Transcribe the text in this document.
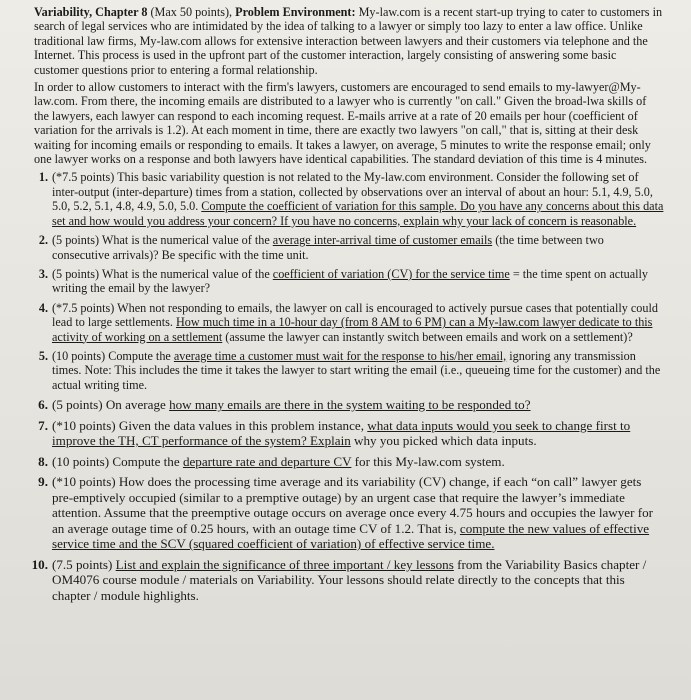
Variability, Chapter 8 (Max 50 points), Problem Environment: My-law.com is a recent start-up trying to cater to customers in search of legal services who are intimidated by the idea of talking to a lawyer or simply too lazy to enter a law office. Unlike traditional law firms, My-law.com allows for extensive interaction between lawyers and their customers via telephone and the Internet. This process is used in the upfront part of the customer interaction, largely consisting of answering some basic customer questions prior to entering a formal relationship.

In order to allow customers to interact with the firm's lawyers, customers are encouraged to send emails to my-lawyer@My-law.com. From there, the incoming emails are distributed to a lawyer who is currently "on call." Given the broad-lwa skills of the lawyers, each lawyer can respond to each incoming request. E-mails arrive at a rate of 20 emails per hour (coefficient of variation for the arrivals is 1.2). At each moment in time, there are exactly two lawyers "on call," that is, sitting at their desk waiting for incoming emails or responding to emails. It takes a lawyer, on average, 5 minutes to write the response email; only one lawyer works on a response and both lawyers have identical capabilities. The standard deviation of this time is 4 minutes.

1. (*7.5 points) This basic variability question is not related to the My-law.com environment. Consider the following set of inter-output (inter-departure) times from a station, collected by observations over an interval of about an hour: 5.1, 4.9, 5.0, 5.0, 5.2, 5.1, 4.8, 4.9, 5.0, 5.0. Compute the coefficient of variation for this sample. Do you have any concerns about this data set and how would you address your concern? If you have no concerns, explain why your lack of concern is reasonable.
2. (5 points) What is the numerical value of the average inter-arrival time of customer emails (the time between two consecutive arrivals)? Be specific with the time unit.
3. (5 points) What is the numerical value of the coefficient of variation (CV) for the service time = the time spent on actually writing the email by the lawyer?
4. (*7.5 points) When not responding to emails, the lawyer on call is encouraged to actively pursue cases that potentially could lead to large settlements. How much time in a 10-hour day (from 8 AM to 6 PM) can a My-law.com lawyer dedicate to this activity of working on a settlement (assume the lawyer can instantly switch between emails and work on a settlement)?
5. (10 points) Compute the average time a customer must wait for the response to his/her email, ignoring any transmission times. Note: This includes the time it takes the lawyer to start writing the email (i.e., queueing time for the customer) and the actual writing time.
6. (5 points) On average how many emails are there in the system waiting to be responded to?
7. (*10 points) Given the data values in this problem instance, what data inputs would you seek to change first to improve the TH, CT performance of the system? Explain why you picked which data inputs.
8. (10 points) Compute the departure rate and departure CV for this My-law.com system.
9. (*10 points) How does the processing time average and its variability (CV) change, if each “on call” lawyer gets pre-emptively occupied (similar to a premptive outage) by an urgent case that require the lawyer’s immediate attention. Assume that the preemptive outage occurs on average once every 4.75 hours and occupies the lawyer for an average outage time of 0.25 hours, with an outage time CV of 1.2. That is, compute the new values of effective service time and the SCV (squared coefficient of variation) of effective service time.
10. (7.5 points) List and explain the significance of three important / key lessons from the Variability Basics chapter / OM4076 course module / materials on Variability. Your lessons should relate directly to the concepts that this chapter / module highlights.
